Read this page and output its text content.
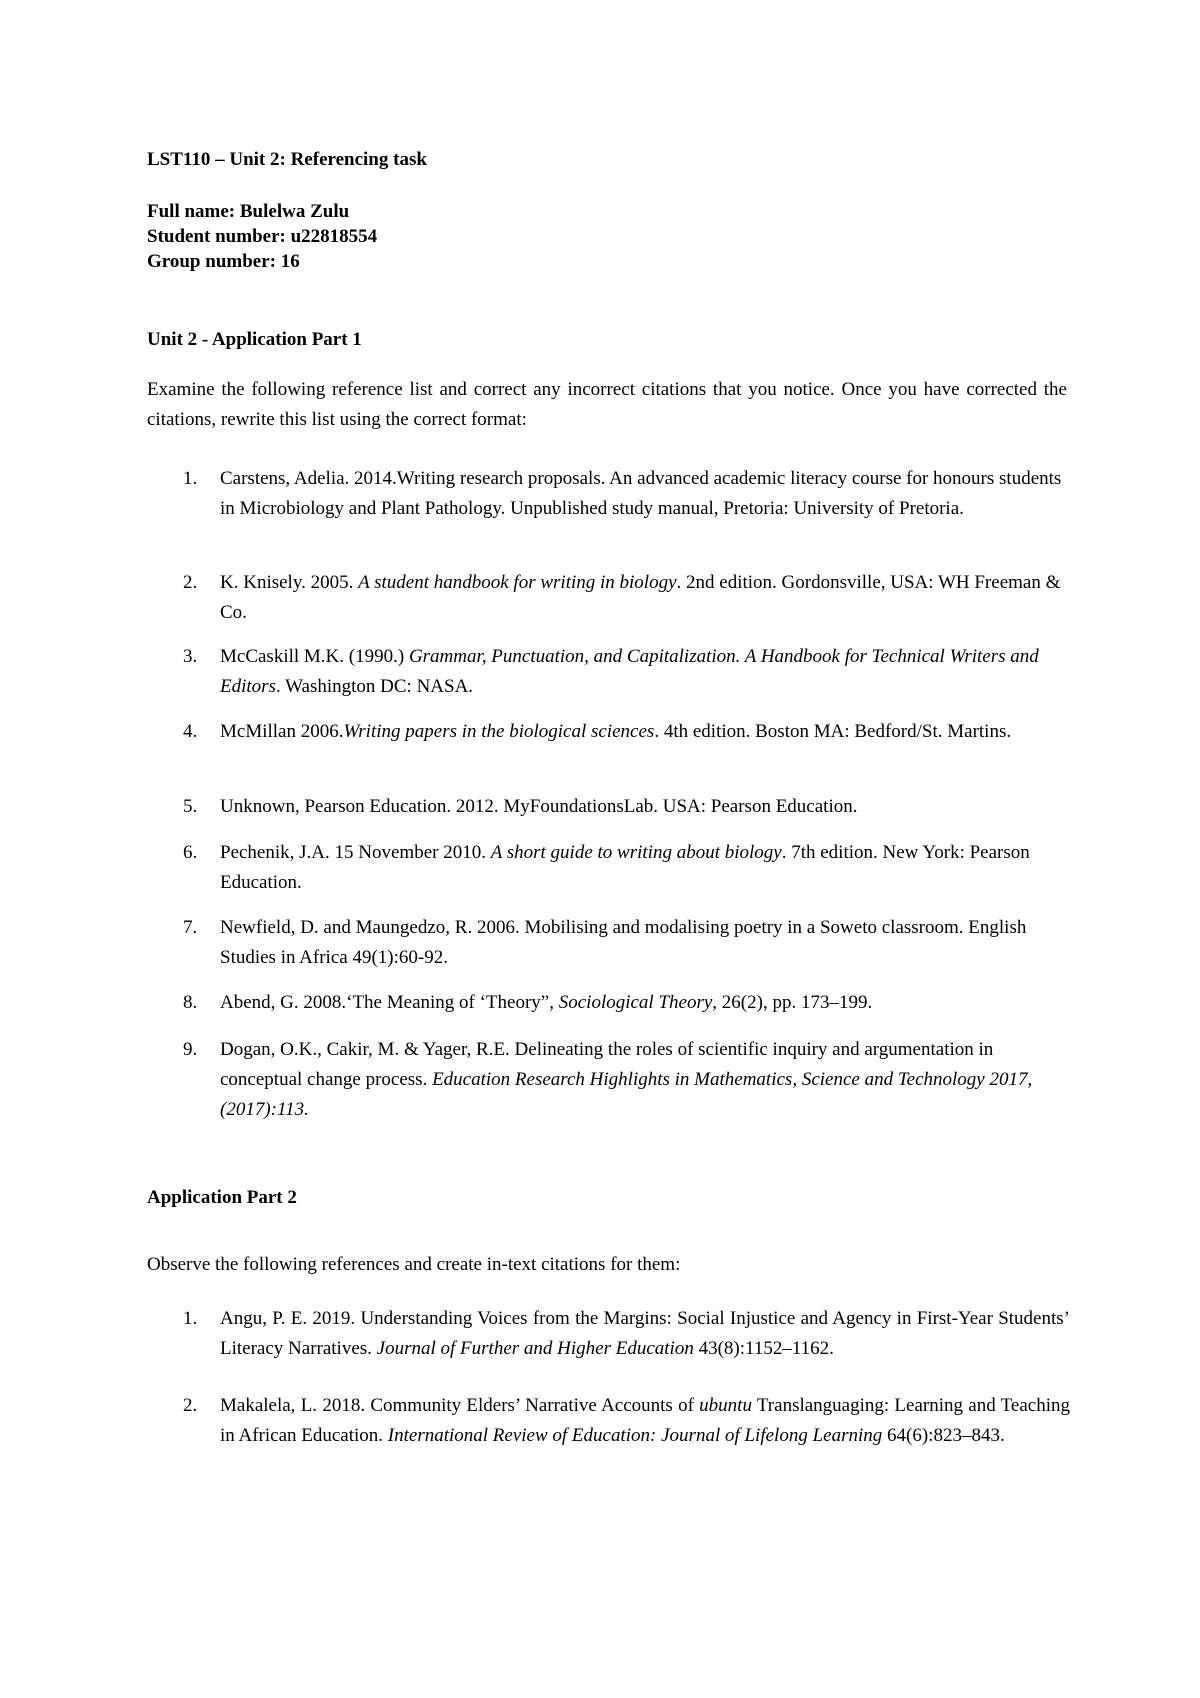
LST110 – Unit 2: Referencing task
Full name: Bulelwa Zulu
Student number: u22818554
Group number: 16
Unit 2 - Application Part 1
Examine the following reference list and correct any incorrect citations that you notice. Once you have corrected the citations, rewrite this list using the correct format:
1.	Carstens, Adelia. 2014.Writing research proposals. An advanced academic literacy course for honours students in Microbiology and Plant Pathology. Unpublished study manual, Pretoria: University of Pretoria.
2.	K. Knisely. 2005. A student handbook for writing in biology. 2nd edition. Gordonsville, USA: WH Freeman & Co.
3.	McCaskill M.K. (1990.) Grammar, Punctuation, and Capitalization. A Handbook for Technical Writers and Editors. Washington DC: NASA.
4.	McMillan 2006.Writing papers in the biological sciences. 4th edition. Boston MA: Bedford/St. Martins.
5.	Unknown, Pearson Education. 2012. MyFoundationsLab. USA: Pearson Education.
6.	Pechenik, J.A. 15 November 2010. A short guide to writing about biology. 7th edition. New York: Pearson Education.
7.	Newfield, D. and Maungedzo, R. 2006. Mobilising and modalising poetry in a Soweto classroom. English Studies in Africa 49(1):60-92.
8.	Abend, G. 2008.‘The Meaning of ‘Theory”, Sociological Theory, 26(2), pp. 173–199.
9.	Dogan, O.K., Cakir, M. & Yager, R.E. Delineating the roles of scientific inquiry and argumentation in conceptual change process. Education Research Highlights in Mathematics, Science and Technology 2017, (2017):113.
Application Part 2
Observe the following references and create in-text citations for them:
1.	Angu, P. E. 2019. Understanding Voices from the Margins: Social Injustice and Agency in First-Year Students’ Literacy Narratives. Journal of Further and Higher Education 43(8):1152–1162.
2.	Makalela, L. 2018. Community Elders’ Narrative Accounts of ubuntu Translanguaging: Learning and Teaching in African Education. International Review of Education: Journal of Lifelong Learning 64(6):823–843.
